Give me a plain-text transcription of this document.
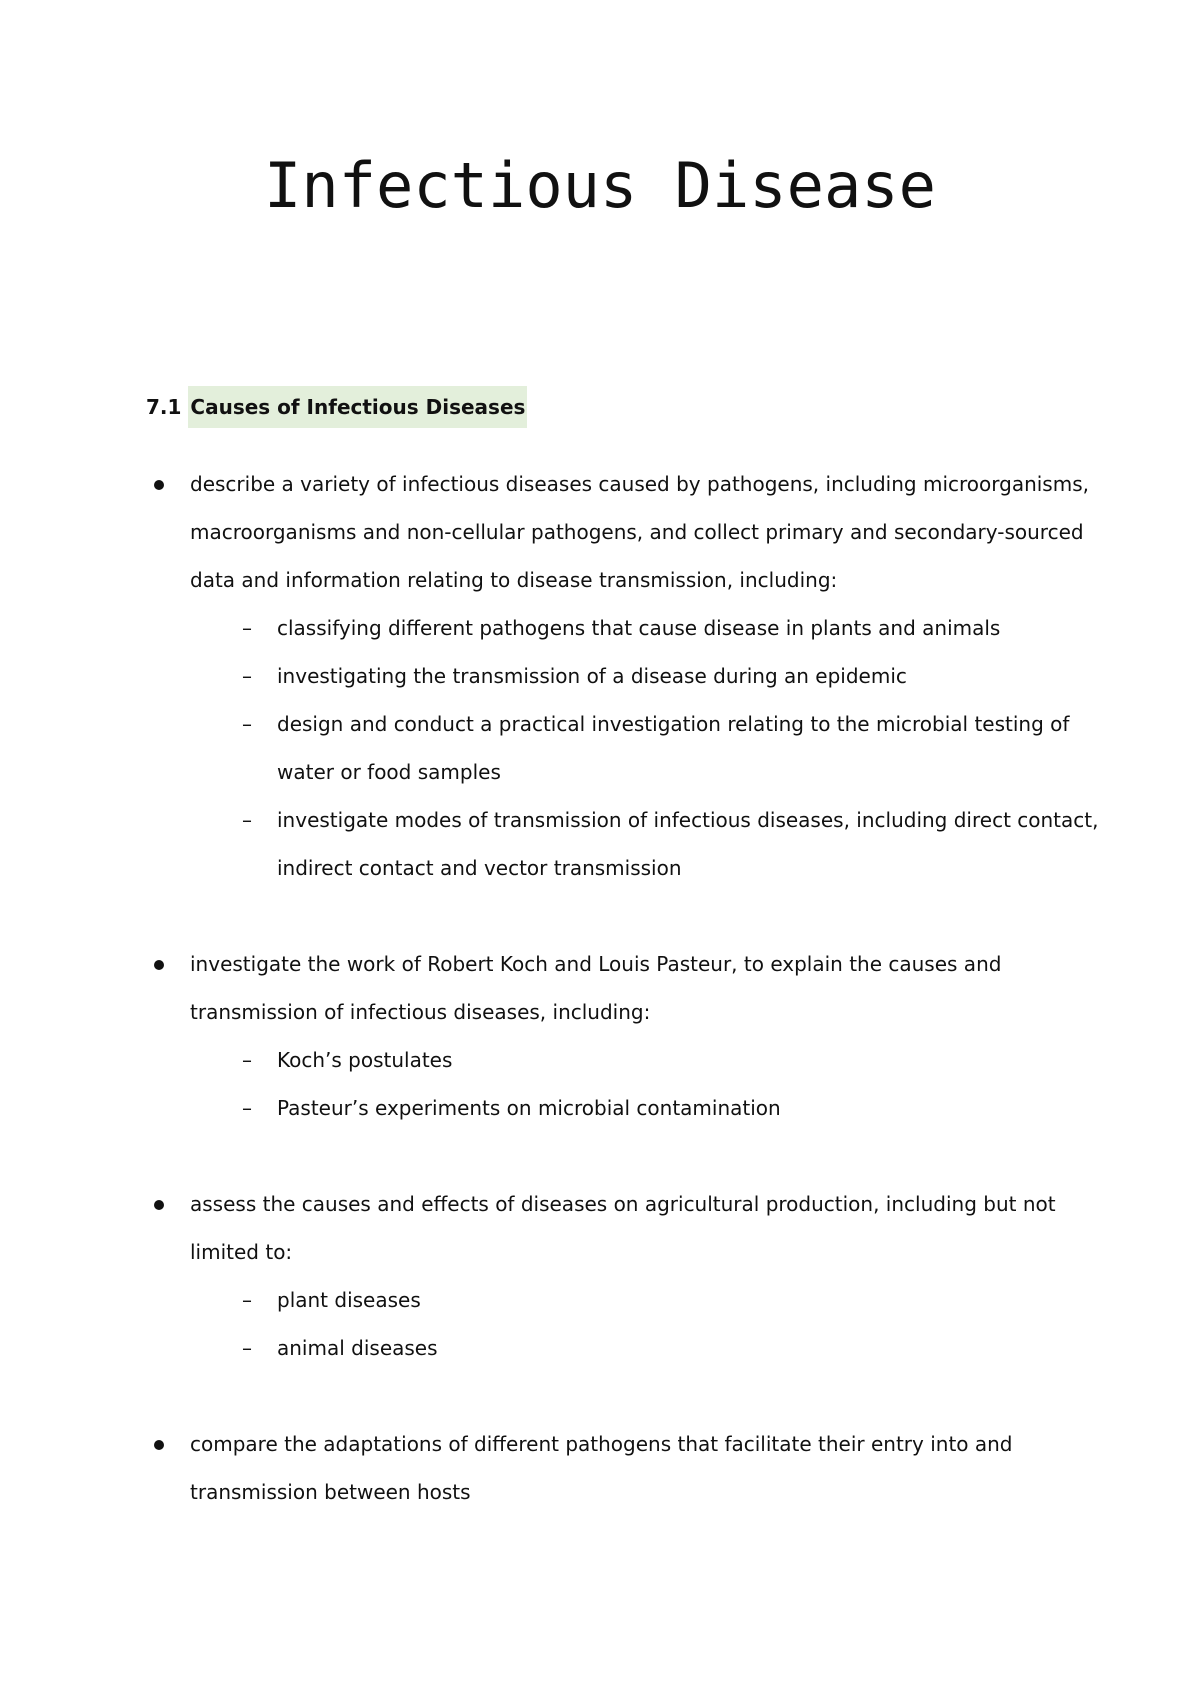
Infectious Disease
7.1 Causes of Infectious Diseases
describe a variety of infectious diseases caused by pathogens, including microorganisms,
macroorganisms and non-cellular pathogens, and collect primary and secondary-sourced
data and information relating to disease transmission, including:
– classifying different pathogens that cause disease in plants and animals
– investigating the transmission of a disease during an epidemic
– design and conduct a practical investigation relating to the microbial testing of
water or food samples
– investigate modes of transmission of infectious diseases, including direct contact,
indirect contact and vector transmission
investigate the work of Robert Koch and Louis Pasteur, to explain the causes and
transmission of infectious diseases, including:
– Koch’s postulates
– Pasteur’s experiments on microbial contamination
assess the causes and effects of diseases on agricultural production, including but not
limited to:
– plant diseases
– animal diseases
compare the adaptations of different pathogens that facilitate their entry into and
transmission between hosts
